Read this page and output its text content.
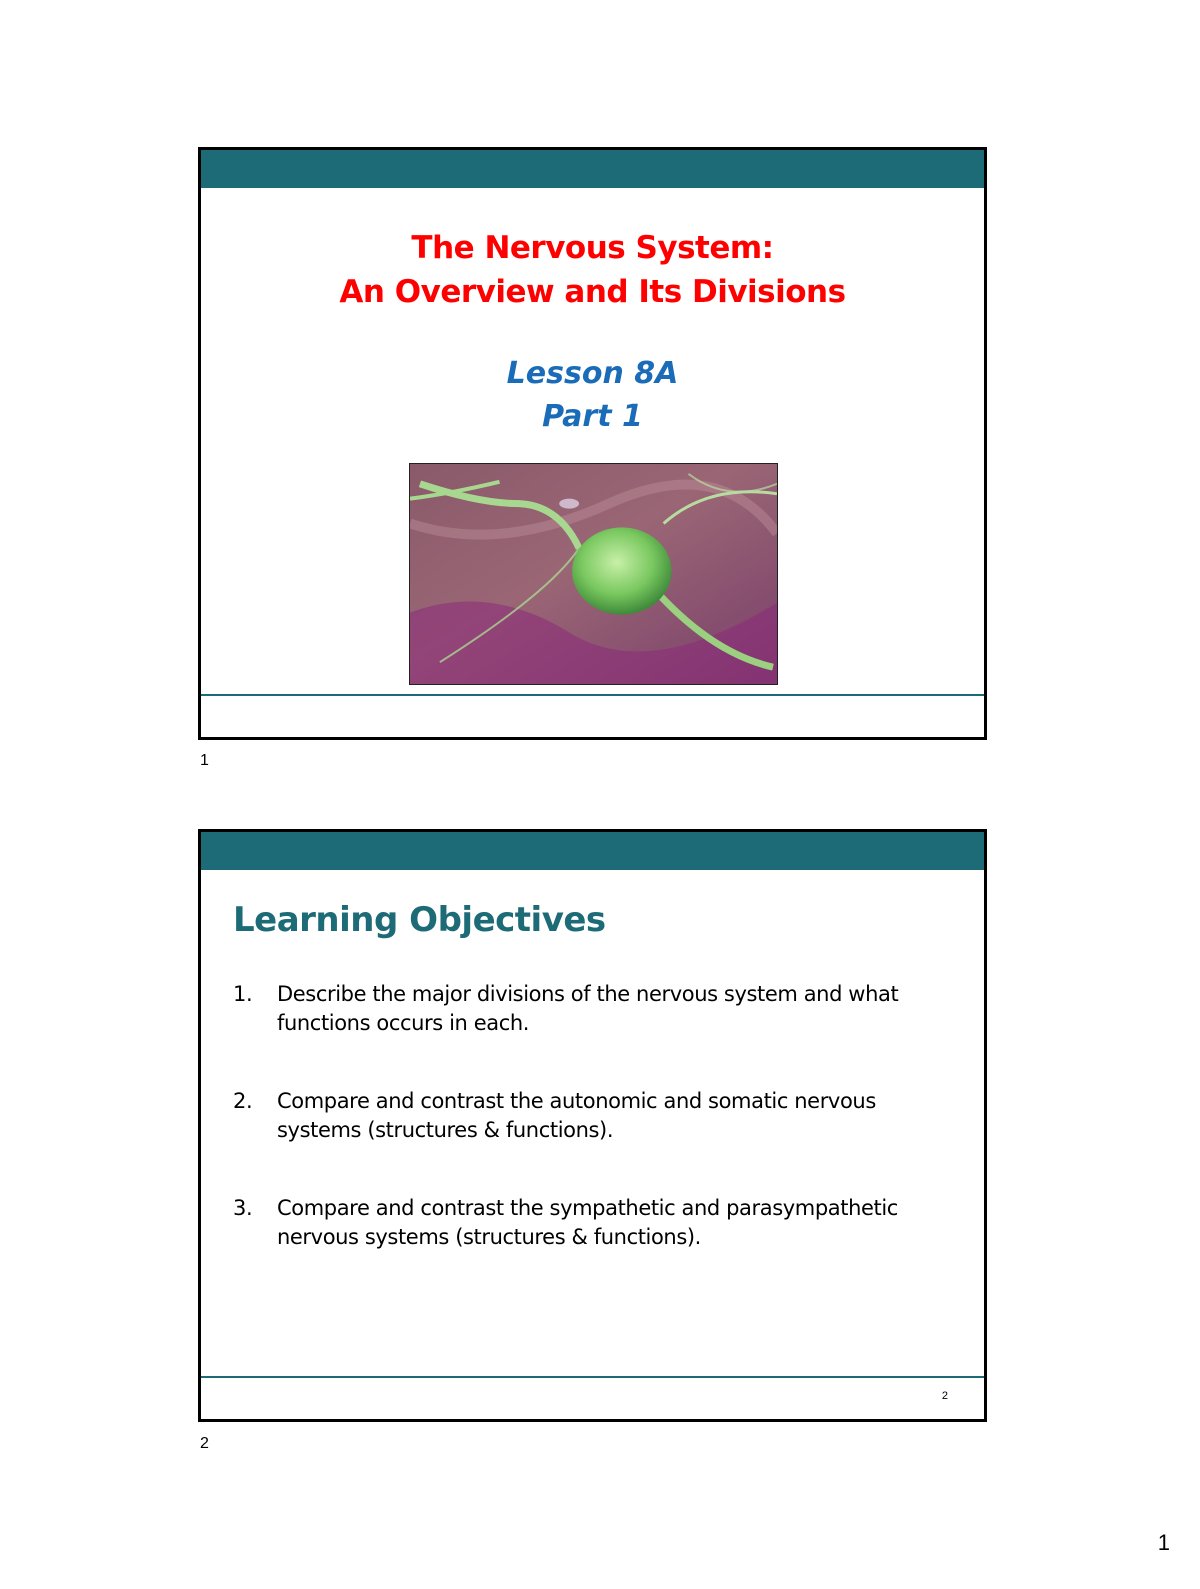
The Nervous System:
An Overview and Its Divisions
Lesson 8A
Part 1
1
Learning Objectives
1. Describe the major divisions of the nervous system and what functions occurs in each.
2. Compare and contrast the autonomic and somatic nervous systems (structures & functions).
3. Compare and contrast the sympathetic and parasympathetic nervous systems (structures & functions).
2
2
1
